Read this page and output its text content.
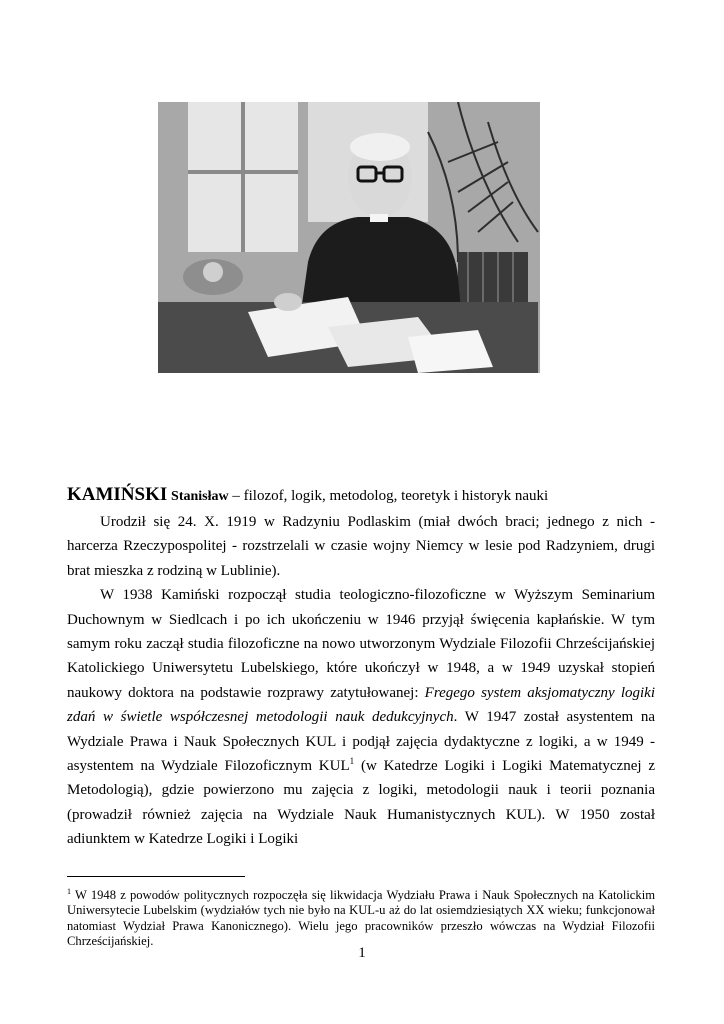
KAMIŃSKI Stanisław – filozof, logik, metodolog, teoretyk i historyk nauki

Urodził się 24. X. 1919 w Radzyniu Podlaskim (miał dwóch braci; jednego z nich - harcerza Rzeczypospolitej - rozstrzelali w czasie wojny Niemcy w lesie pod Radzyniem, drugi brat mieszka z rodziną w Lublinie).

W 1938 Kamiński rozpoczął studia teologiczno-filozoficzne w Wyższym Seminarium Duchownym w Siedlcach i po ich ukończeniu w 1946 przyjął święcenia kapłańskie. W tym samym roku zaczął studia filozoficzne na nowo utworzonym Wydziale Filozofii Chrześcijańskiej Katolickiego Uniwersytetu Lubelskiego, które ukończył w 1948, a w 1949 uzyskał stopień naukowy doktora na podstawie rozprawy zatytułowanej: Fregego system aksjomatyczny logiki zdań w świetle współczesnej metodologii nauk dedukcyjnych. W 1947 został asystentem na Wydziale Prawa i Nauk Społecznych KUL i podjął zajęcia dydaktyczne z logiki, a w 1949 - asystentem na Wydziale Filozoficznym KUL$^1$ (w Katedrze Logiki i Logiki Matematycznej z Metodologią), gdzie powierzono mu zajęcia z logiki, metodologii nauk i teorii poznania (prowadził również zajęcia na Wydziale Nauk Humanistycznych KUL). W 1950 został adiunktem w Katedrze Logiki i Logiki

$^1$ W 1948 z powodów politycznych rozpoczęła się likwidacja Wydziału Prawa i Nauk Społecznych na Katolickim Uniwersytecie Lubelskim (wydziałów tych nie było na KUL-u aż do lat osiemdziesiątych XX wieku; funkcjonował natomiast Wydział Prawa Kanonicznego). Wielu jego pracowników przeszło wówczas na Wydział Filozofii Chrześcijańskiej.
1
